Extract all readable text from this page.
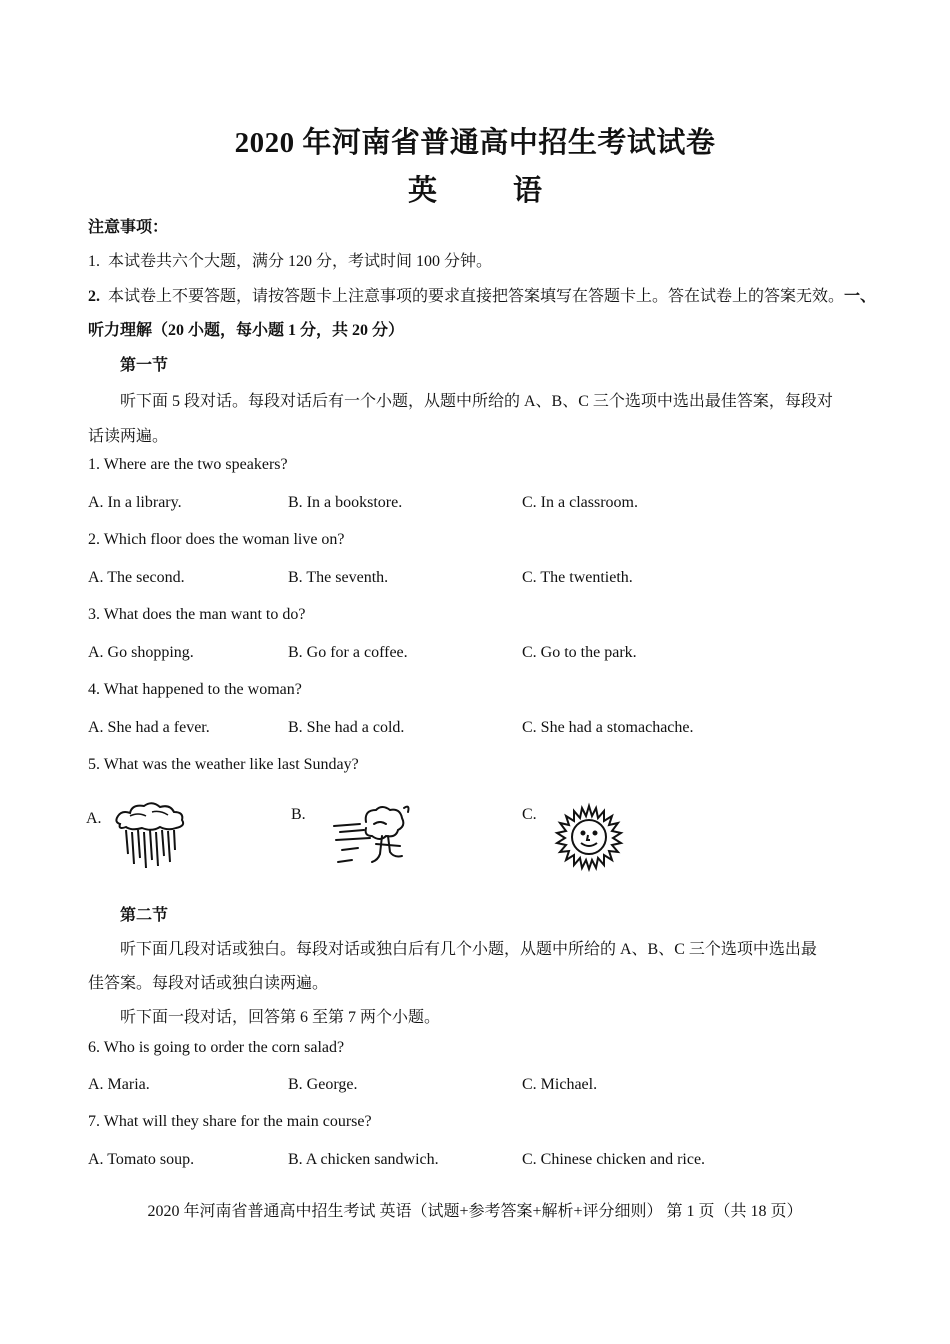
2020 年河南省普通高中招生考试试卷
英	语
注意事项：
1. 本试卷共六个大题，满分 120 分，考试时间 100 分钟。
2. 本试卷上不要答题，请按答题卡上注意事项的要求直接把答案填写在答题卡上。答在试卷上的答案无效。一、
听力理解（20 小题，每小题 1 分，共 20 分）
第一节
听下面 5 段对话。每段对话后有一个小题，从题中所给的 A、B、C 三个选项中选出最佳答案，每段对
话读两遍。
1. Where are the two speakers?
A. In a library.	B. In a bookstore.	C. In a classroom.
2. Which floor does the woman live on?
A. The second.	B. The seventh.	C. The twentieth.
3. What does the man want to do?
A. Go shopping.	B. Go for a coffee.	C. Go to the park.
4. What happened to the woman?
A. She had a fever.	B. She had a cold.	C. She had a stomachache.
5. What was the weather like last Sunday?
A.	B.	C.
第二节
听下面几段对话或独白。每段对话或独白后有几个小题，从题中所给的 A、B、C 三个选项中选出最
佳答案。每段对话或独白读两遍。
听下面一段对话，回答第 6 至第 7 两个小题。
6. Who is going to order the corn salad?
A. Maria.	B. George.	C. Michael.
7. What will they share for the main course?
A. Tomato soup.	B. A chicken sandwich.	C. Chinese chicken and rice.
2020 年河南省普通高中招生考试 英语（试题+参考答案+解析+评分细则） 第 1 页（共 18 页）
